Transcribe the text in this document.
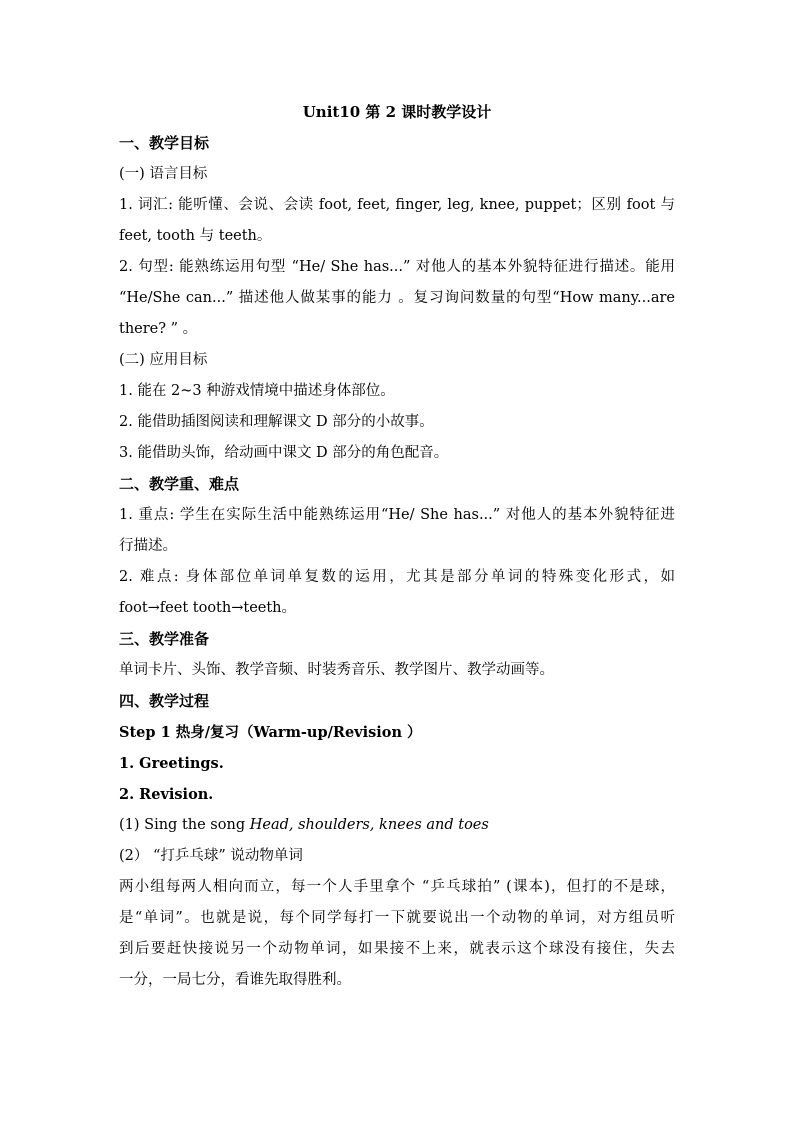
Unit10 第 2 课时教学设计
一、教学目标
(一) 语言目标
1. 词汇: 能听懂、会说、会读 foot, feet, finger, leg, knee, puppet；区别 foot 与
feet, tooth 与 teeth。
2. 句型: 能熟练运用句型 “He/ She has...” 对他人的基本外貌特征进行描述。能用
“He/She can...” 描述他人做某事的能力 。复习询问数量的句型“How many...are
there? ” 。
(二) 应用目标
1. 能在 2~3 种游戏情境中描述身体部位。
2. 能借助插图阅读和理解课文 D 部分的小故事。
3. 能借助头饰，给动画中课文 D 部分的角色配音。
二、教学重、难点
1. 重点: 学生在实际生活中能熟练运用“He/ She has...” 对他人的基本外貌特征进
行描述。
2. 难点: 身体部位单词单复数的运用，尤其是部分单词的特殊变化形式，如
foot→feet tooth→teeth。
三、教学准备
单词卡片、头饰、教学音频、时装秀音乐、教学图片、教学动画等。
四、教学过程
Step 1 热身/复习（Warm-up/Revision ）
1. Greetings.
2. Revision.
(1) Sing the song Head, shoulders, knees and toes
(2） “打乒乓球” 说动物单词
两小组每两人相向而立，每一个人手里拿个 “乒乓球拍” (课本)，但打的不是球，
是“单词”。也就是说，每个同学每打一下就要说出一个动物的单词，对方组员听
到后要赶快接说另一个动物单词，如果接不上来，就表示这个球没有接住，失去
一分，一局七分，看谁先取得胜利。
